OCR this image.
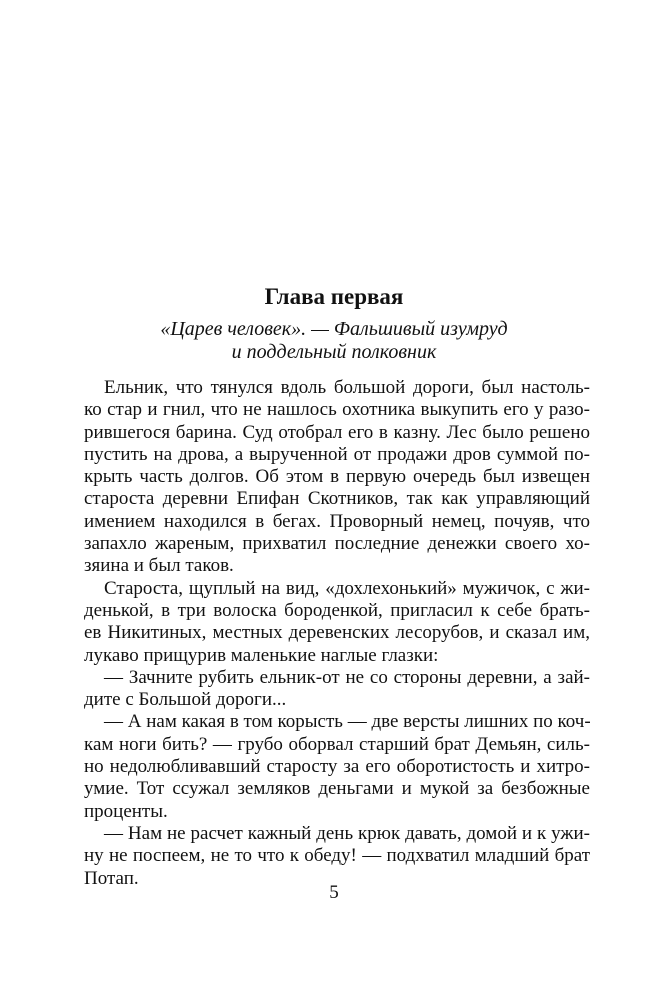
Глава первая
«Царев человек». — Фальшивый изумруд
и поддельный полковник
Ельник, что тянулся вдоль большой дороги, был настоль-
ко стар и гнил, что не нашлось охотника выкупить его у разо-
рившегося барина. Суд отобрал его в казну. Лес было решено
пустить на дрова, а вырученной от продажи дров суммой по-
крыть часть долгов. Об этом в первую очередь был извещен
староста деревни Епифан Скотников, так как управляющий
имением находился в бегах. Проворный немец, почуяв, что
запахло жареным, прихватил последние денежки своего хо-
зяина и был таков.
Староста, щуплый на вид, «дохлехонький» мужичок, с жи-
денькой, в три волоска бороденкой, пригласил к себе брать-
ев Никитиных, местных деревенских лесорубов, и сказал им,
лукаво прищурив маленькие наглые глазки:
— Зачните рубить ельник-от не со стороны деревни, а зай-
дите с Большой дороги...
— А нам какая в том корысть — две версты лишних по коч-
кам ноги бить? — грубо оборвал старший брат Демьян, силь-
но недолюбливавший старосту за его оборотистость и хитро-
умие. Тот ссужал земляков деньгами и мукой за безбожные
проценты.
— Нам не расчет кажный день крюк давать, домой и к ужи-
ну не поспеем, не то что к обеду! — подхватил младший брат
Потап.
5
